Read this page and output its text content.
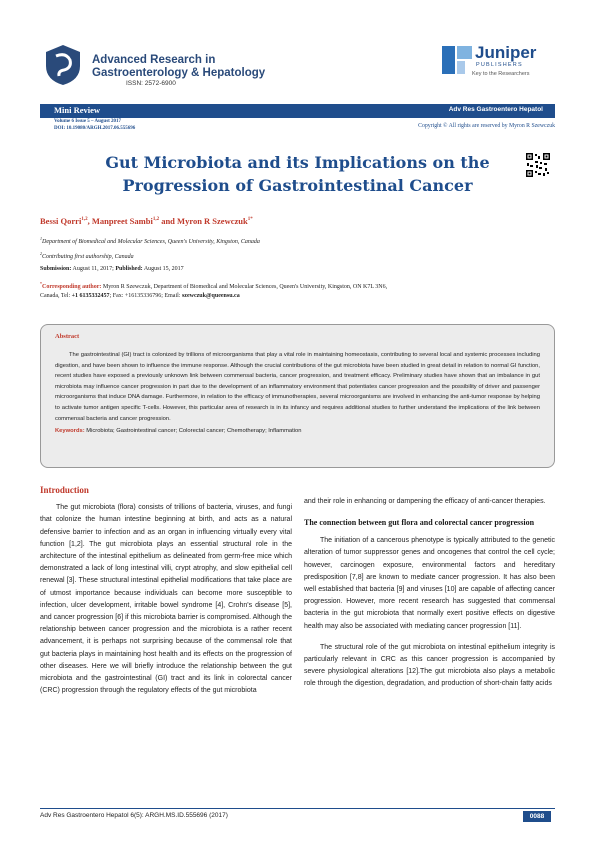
Advanced Research in
Gastroenterology & Hepatology
ISSN: 2572-6900
Juniper
PUBLISHERS
Key to the Researchers
Mini Review	Adv Res Gastroentero Hepatol
Volume 6 Issue 5 – August 2017
DOI: 10.19080/ARGH.2017.06.555696	Copyright © All rights are reserved by Myron R Szewczuk
Gut Microbiota and its Implications on the Progression of Gastrointestinal Cancer
Bessi Qorri$^{1,2}$, Manpreet Sambi$^{1,2}$ and Myron R Szewczuk$^{1*}$
$^1$Department of Biomedical and Molecular Sciences, Queen's University, Kingston, Canada
$^2$Contributing first authorship, Canada
Submission: August 11, 2017; Published: August 15, 2017
*Corresponding author: Myron R Szewczuk, Department of Biomedical and Molecular Sciences, Queen's University, Kingston, ON K7L 3N6,
Canada, Tel: +1 6135332457; Fax: +16135336796; Email: szewczuk@queensu.ca
Abstract
The gastrointestinal (GI) tract is colonized by trillions of microorganisms that play a vital role in maintaining homeostasis, contributing to several local and systemic processes including digestion, and have been shown to influence the immune response. Although the crucial contributions of the gut microbiota have been studied in great detail in relation to normal GI function, recent studies have exposed a previously unknown link between commensal bacteria, cancer progression, and treatment efficacy. Preliminary studies have shown that an imbalance in gut microbiota may influence cancer progression in part due to the development of an inflammatory environment that potentiates cancer progression and the possibility of driver and passenger microorganisms that induce DNA damage. Furthermore, in relation to the efficacy of immunotherapies, several microorganisms are involved in enhancing the anti-tumor response by helping to activate tumor antigen specific T-cells. However, this particular area of research is in its infancy and requires additional studies to further understand the implications of the link between commensal bacteria and cancer progression.
Keywords: Microbiota; Gastrointestinal cancer; Colorectal cancer; Chemotherapy; Inflammation
Introduction
The gut microbiota (flora) consists of trillions of bacteria, viruses, and fungi that colonize the human intestine beginning at birth, and acts as a natural defensive barrier to infection and as an organ in influencing virtually every vital function [1,2]. The gut microbiota plays an essential structural role in the architecture of the intestinal epithelium as delineated from germ-free mice which demonstrated a lack of long intestinal villi, crypt atrophy, and slow epithelial cell renewal [3]. These structural intestinal epithelial modifications that take place are of utmost importance because individuals can become more susceptible to infection, ulcer development, irritable bowel syndrome [4], Crohn's disease [5], and cancer progression [6] if this microbiota barrier is compromised. Although the relationship between cancer progression and the microbiota is a rather recent advancement, it is perhaps not surprising because of the commensal role that gut bacteria plays in maintaining host health and its effects on the progression of other diseases. Here we will briefly introduce the relationship between the gut microbiota and the gastrointestinal (GI) tract and its link in colorectal cancer (CRC) progression through the regulatory effects of the gut microbiota
and their role in enhancing or dampening the efficacy of anti-cancer therapies.
The connection between gut flora and colorectal cancer progression
The initiation of a cancerous phenotype is typically attributed to the genetic alteration of tumor suppressor genes and oncogenes that control the cell cycle; however, carcinogen exposure, environmental factors and hereditary predisposition [7,8] are known to mediate cancer progression. It has also been well established that bacteria [9] and viruses [10] are capable of affecting cancer progression. However, more recent research has suggested that commensal bacteria in the gut microbiota that normally exert positive effects on digestive health may also be associated with mediating cancer progression [11].
The structural role of the gut microbiota on intestinal epithelium integrity is particularly relevant in CRC as this cancer progression is accompanied by severe physiological alterations [12].The gut microbiota also plays a metabolic role through the digestion, degradation, and production of short-chain fatty acids
Adv Res Gastroentero Hepatol 6(5): ARGH.MS.ID.555696 (2017)	0088
